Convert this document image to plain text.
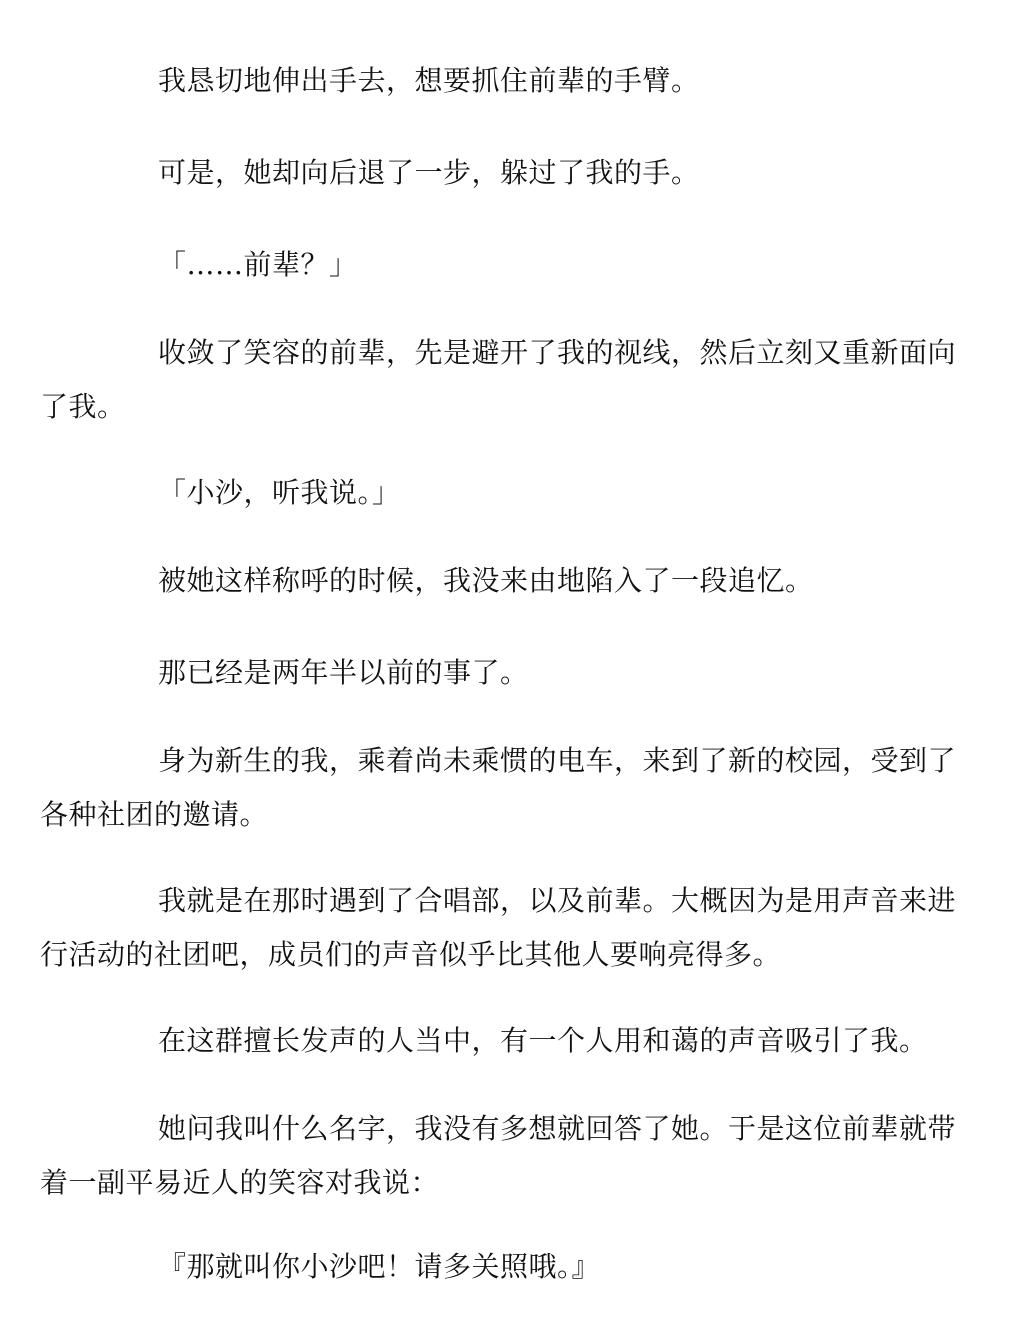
我恳切地伸出手去，想要抓住前辈的手臂。

可是，她却向后退了一步，躲过了我的手。

「……前辈？」

收敛了笑容的前辈，先是避开了我的视线，然后立刻又重新面向了我。

「小沙，听我说。」

被她这样称呼的时候，我没来由地陷入了一段追忆。

那已经是两年半以前的事了。

身为新生的我，乘着尚未乘惯的电车，来到了新的校园，受到了各种社团的邀请。

我就是在那时遇到了合唱部，以及前辈。大概因为是用声音来进行活动的社团吧，成员们的声音似乎比其他人要响亮得多。

在这群擅长发声的人当中，有一个人用和蔼的声音吸引了我。

她问我叫什么名字，我没有多想就回答了她。于是这位前辈就带着一副平易近人的笑容对我说：

『那就叫你小沙吧！请多关照哦。』
